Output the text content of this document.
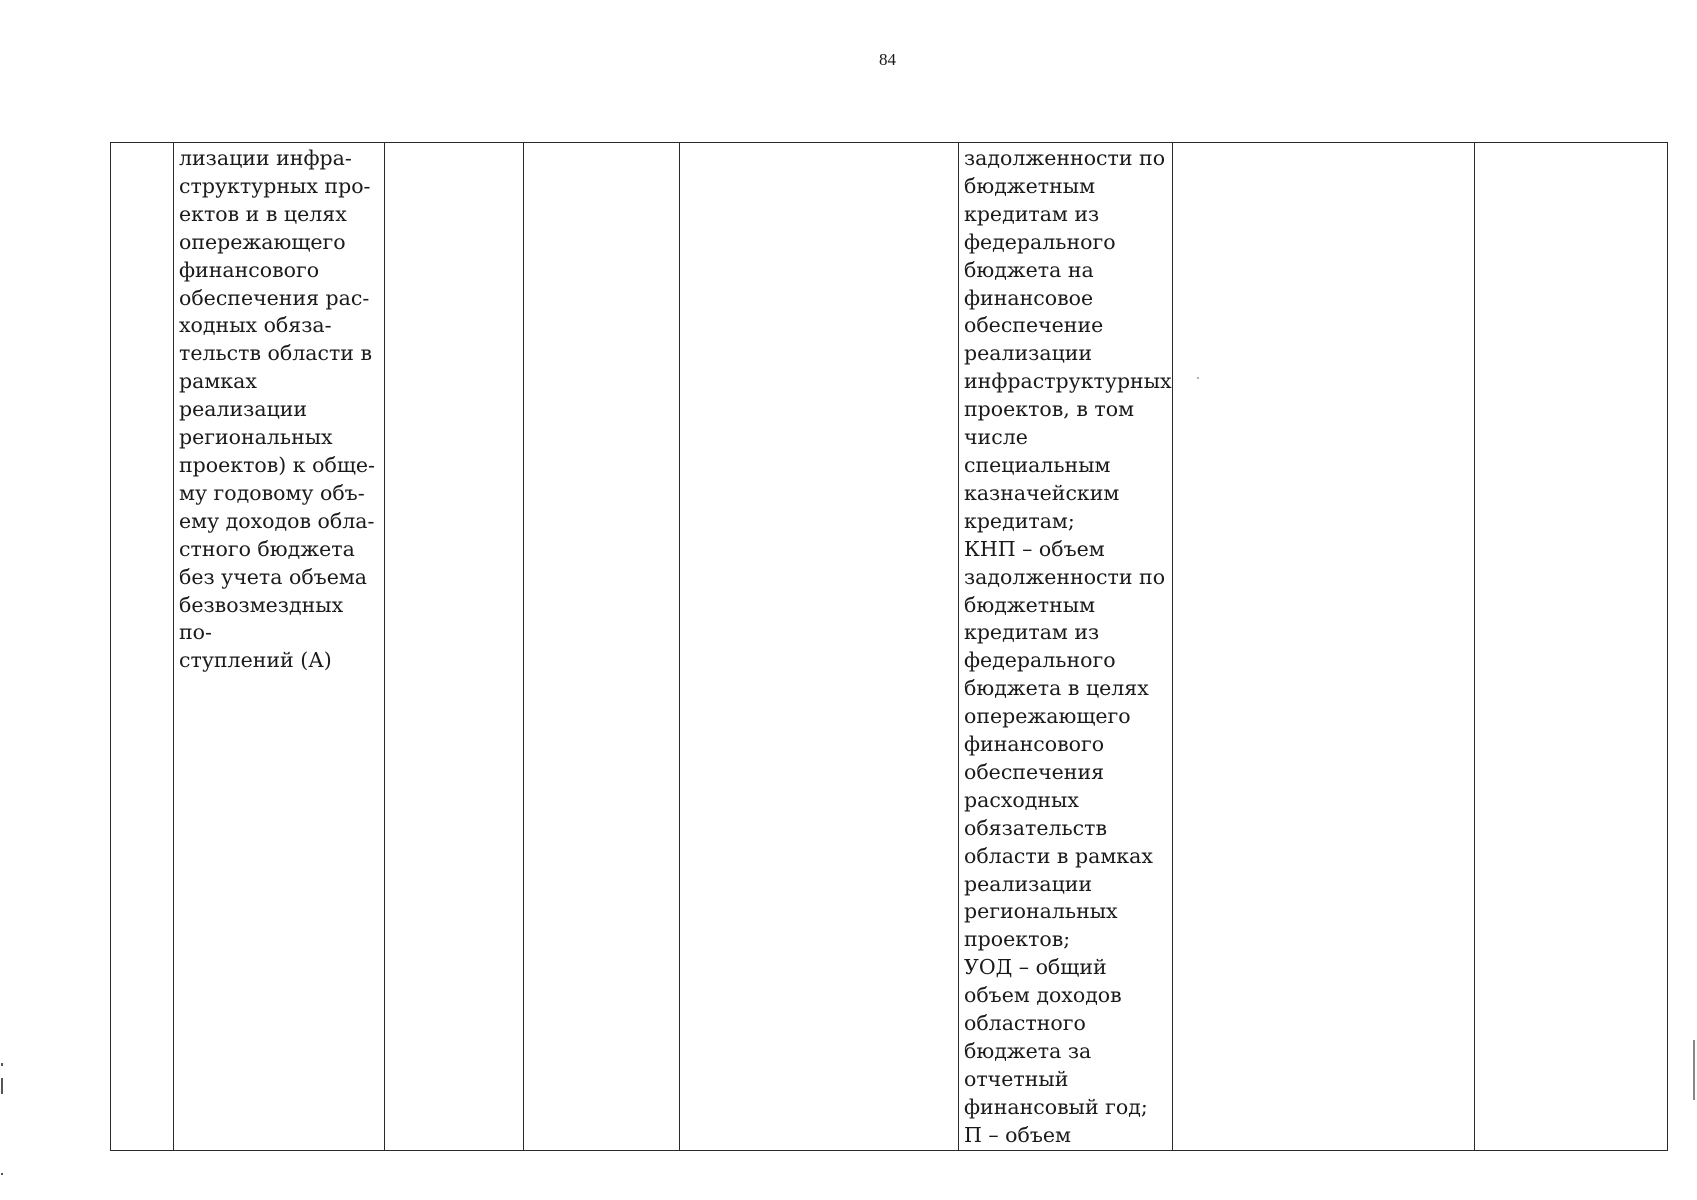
84
	лизации инфра-
структурных про-
ектов и в целях
опережающего
финансового
обеспечения рас-
ходных обяза-
тельств области в
рамках реализации
региональных
проектов) к обще-
му годовому объ-
ему доходов обла-
стного бюджета
без учета объема
безвозмездных по-
ступлений (А)				задолженности по
бюджетным
кредитам из
федерального
бюджета на
финансовое
обеспечение
реализации
инфраструктурных
проектов, в том
числе специальным
казначейским
кредитам;
КНП – объем
задолженности по
бюджетным
кредитам из
федерального
бюджета в целях
опережающего
финансового
обеспечения
расходных
обязательств
области в рамках
реализации
региональных
проектов;
УОД – общий
объем доходов
областного
бюджета за
отчетный
финансовый год;
П – объем		
